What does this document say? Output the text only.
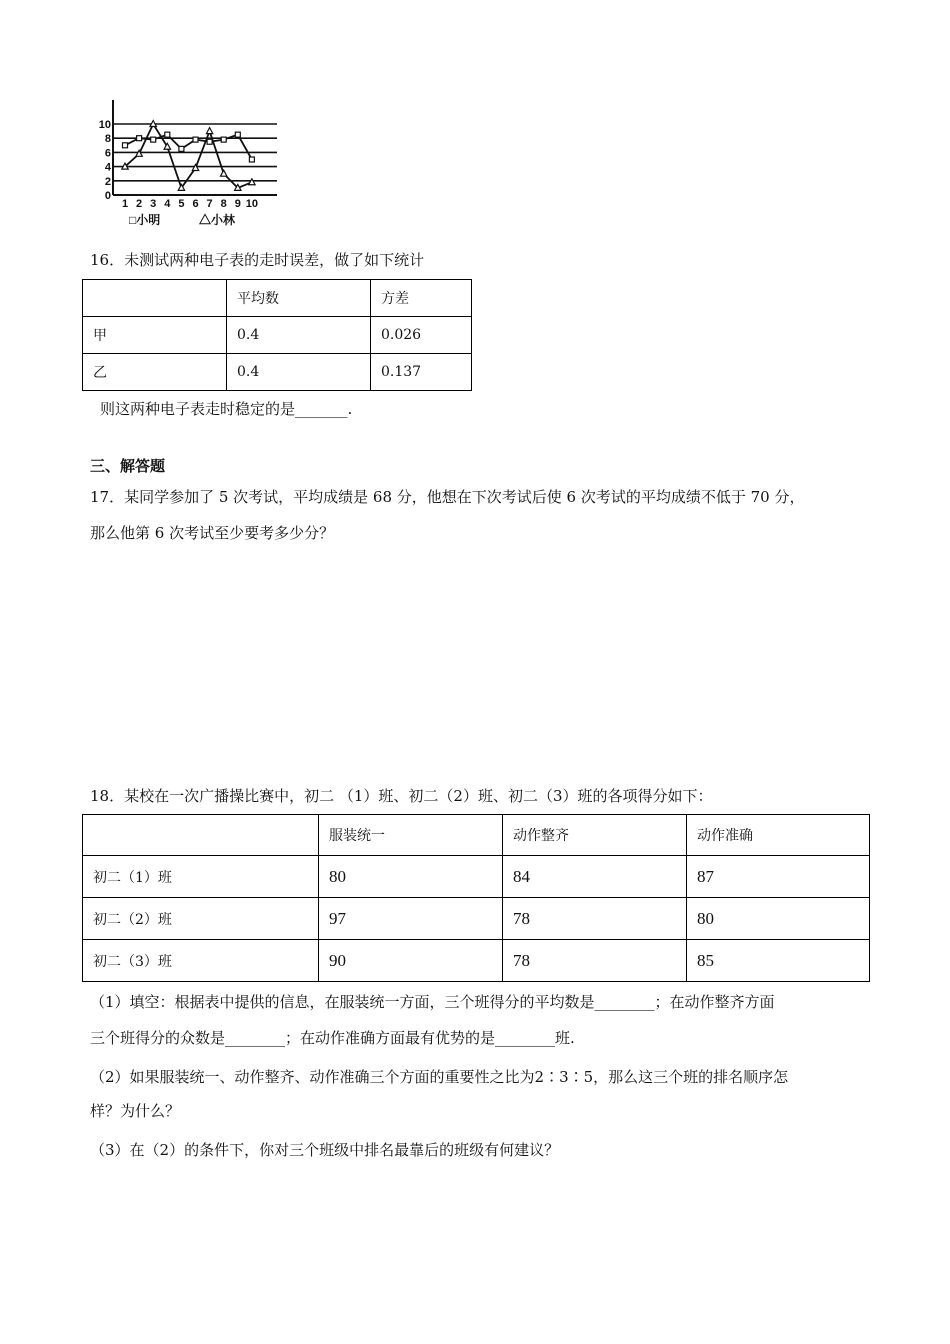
0
2
4
6
8
10
1 2 3 4 5 6 7 8 9 10
□小明	△小林
16．未测试两种电子表的走时误差，做了如下统计
	平均数	方差
甲	0.4	0.026
乙	0.4	0.137
则这两种电子表走时稳定的是_______.
三、解答题
17．某同学参加了 5 次考试，平均成绩是 68 分，他想在下次考试后使 6 次考试的平均成绩不低于 70 分，
那么他第 6 次考试至少要考多少分？
18．某校在一次广播操比赛中，初二 （1）班、初二（2）班、初二（3）班的各项得分如下：
	服装统一	动作整齐	动作准确
初二（1）班	80	84	87
初二（2）班	97	78	80
初二（3）班	90	78	85
（1）填空：根据表中提供的信息，在服装统一方面，三个班得分的平均数是________；在动作整齐方面
三个班得分的众数是________；在动作准确方面最有优势的是________班.
（2）如果服装统一、动作整齐、动作准确三个方面的重要性之比为2∶3∶5，那么这三个班的排名顺序怎
样？为什么？
（3）在（2）的条件下，你对三个班级中排名最靠后的班级有何建议？
